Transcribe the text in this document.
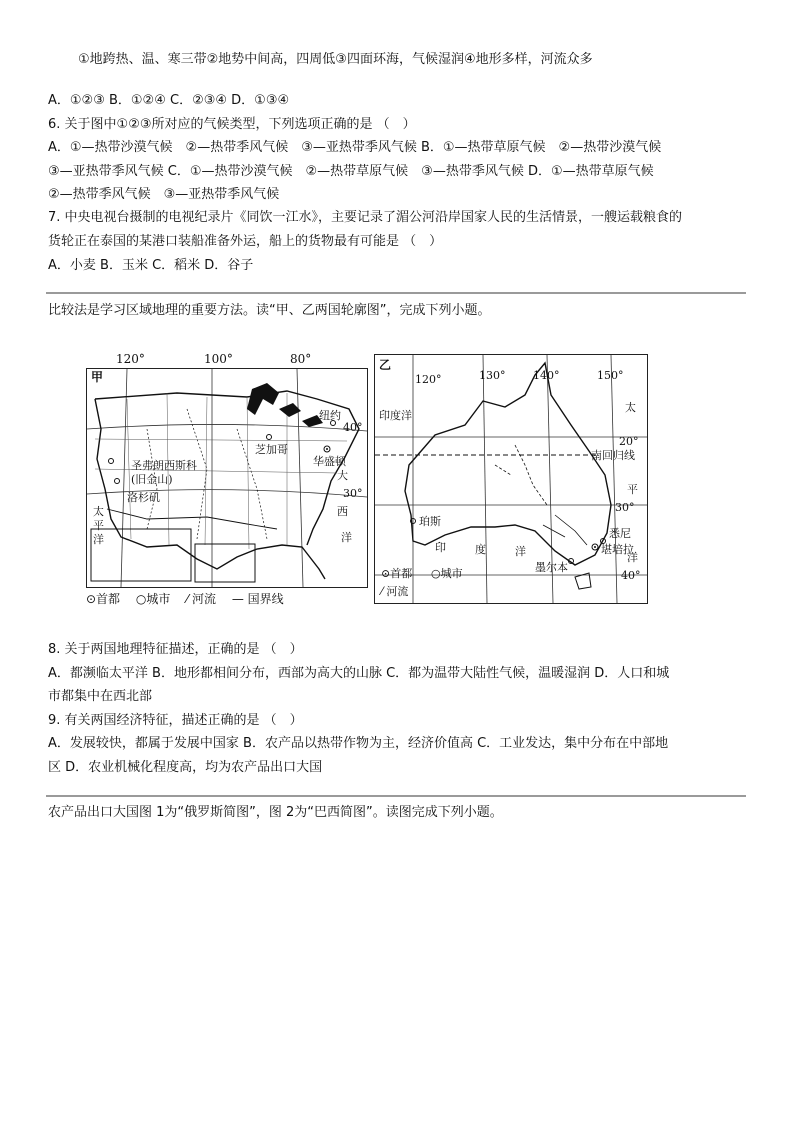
①地跨热、温、寒三带②地势中间高，四周低③四面环海，气候湿润④地形多样，河流众多
A．①②③ B．①②④ C．②③④ D．①③④
6. 关于图中①②③所对应的气候类型，下列选项正确的是 （　）
A．①—热带沙漠气候　②—热带季风气候　③—亚热带季风气候 B．①—热带草原气候　②—热带沙漠气候
③—亚热带季风气候 C．①—热带沙漠气候　②—热带草原气候　③—热带季风气候 D．①—热带草原气候
②—热带季风气候　③—亚热带季风气候
7. 中央电视台摄制的电视纪录片《同饮一江水》，主要记录了湄公河沿岸国家人民的生活情景，一艘运载粮食的
货轮正在泰国的某港口装船准备外运，船上的货物最有可能是 （　）
A．小麦 B．玉米 C．稻米 D．谷子
比较法是学习区域地理的重要方法。读“甲、乙两国轮廓图”，完成下列小题。
甲
圣弗朗西斯科
(旧金山)
洛杉矶
芝加哥
纽约
华盛顿
40°
30°
太
平
洋
大
西
洋
⊙首都 ○城市 ⁄ 河流 — 国界线
120°	100°	80°	乙
120°	130°	140°	150°
印度洋
南回归线
20°
30°
40°
太
平
洋
印	度	洋
珀斯
悉尼
堪培拉
墨尔本
⊙首都 ○城市
⁄ 河流
8. 关于两国地理特征描述，正确的是 （　）
A．都濒临太平洋 B．地形都相间分布，西部为高大的山脉 C．都为温带大陆性气候，温暖湿润 D．人口和城
市都集中在西北部
9. 有关两国经济特征，描述正确的是 （　）
A．发展较快，都属于发展中国家 B．农产品以热带作物为主，经济价值高 C．工业发达，集中分布在中部地
区 D．农业机械化程度高，均为农产品出口大国
农产品出口大国图 1为“俄罗斯简图”，图 2为“巴西简图”。读图完成下列小题。
